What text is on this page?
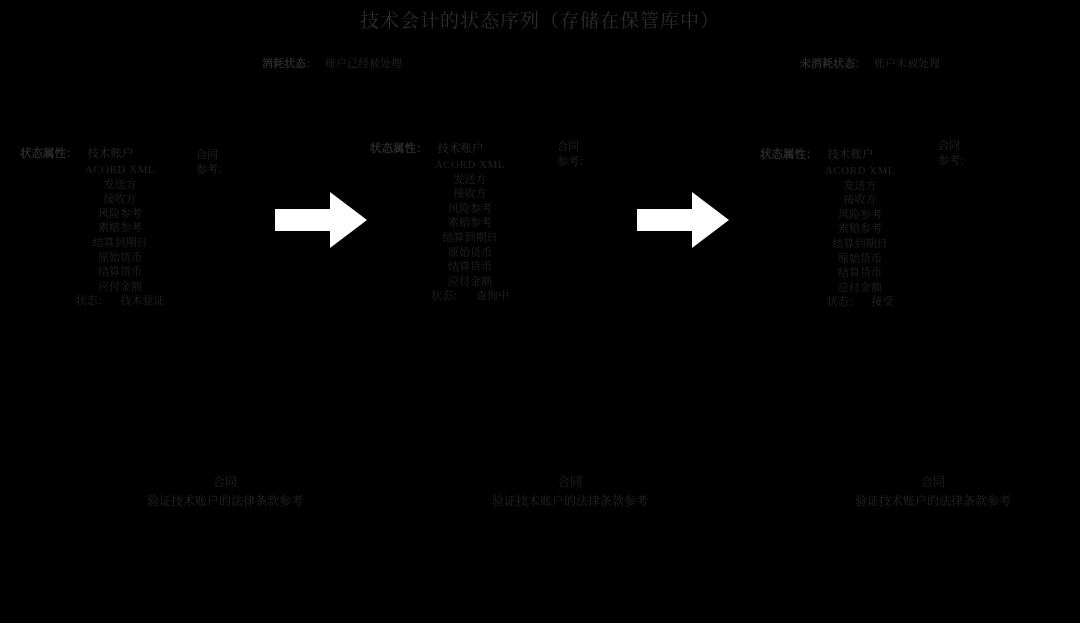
技术会计的状态序列（存储在保管库中）
消耗状态： 账户已经被处理	未消耗状态： 账户未被处理
状态属性： 技术账户
ACORD XML
发送方
接收方
风险参考
索赔参考
结算到期日
原始货币
结算货币
应付金额
状态： 技术验证
合同
参考：
状态属性： 技术账户
ACORD XML
发送方
接收方
风险参考
索赔参考
结算到期日
原始货币
结算货币
应付金额
状态： 查询中
合同
参考：
状态属性： 技术账户
ACORD XML
发送方
接收方
风险参考
索赔参考
结算到期日
原始货币
结算货币
应付金额
状态： 接受
合同
参考：
合同
验证技术账户的法律条款参考
合同
验证技术账户的法律条款参考
合同
验证技术账户的法律条款参考
